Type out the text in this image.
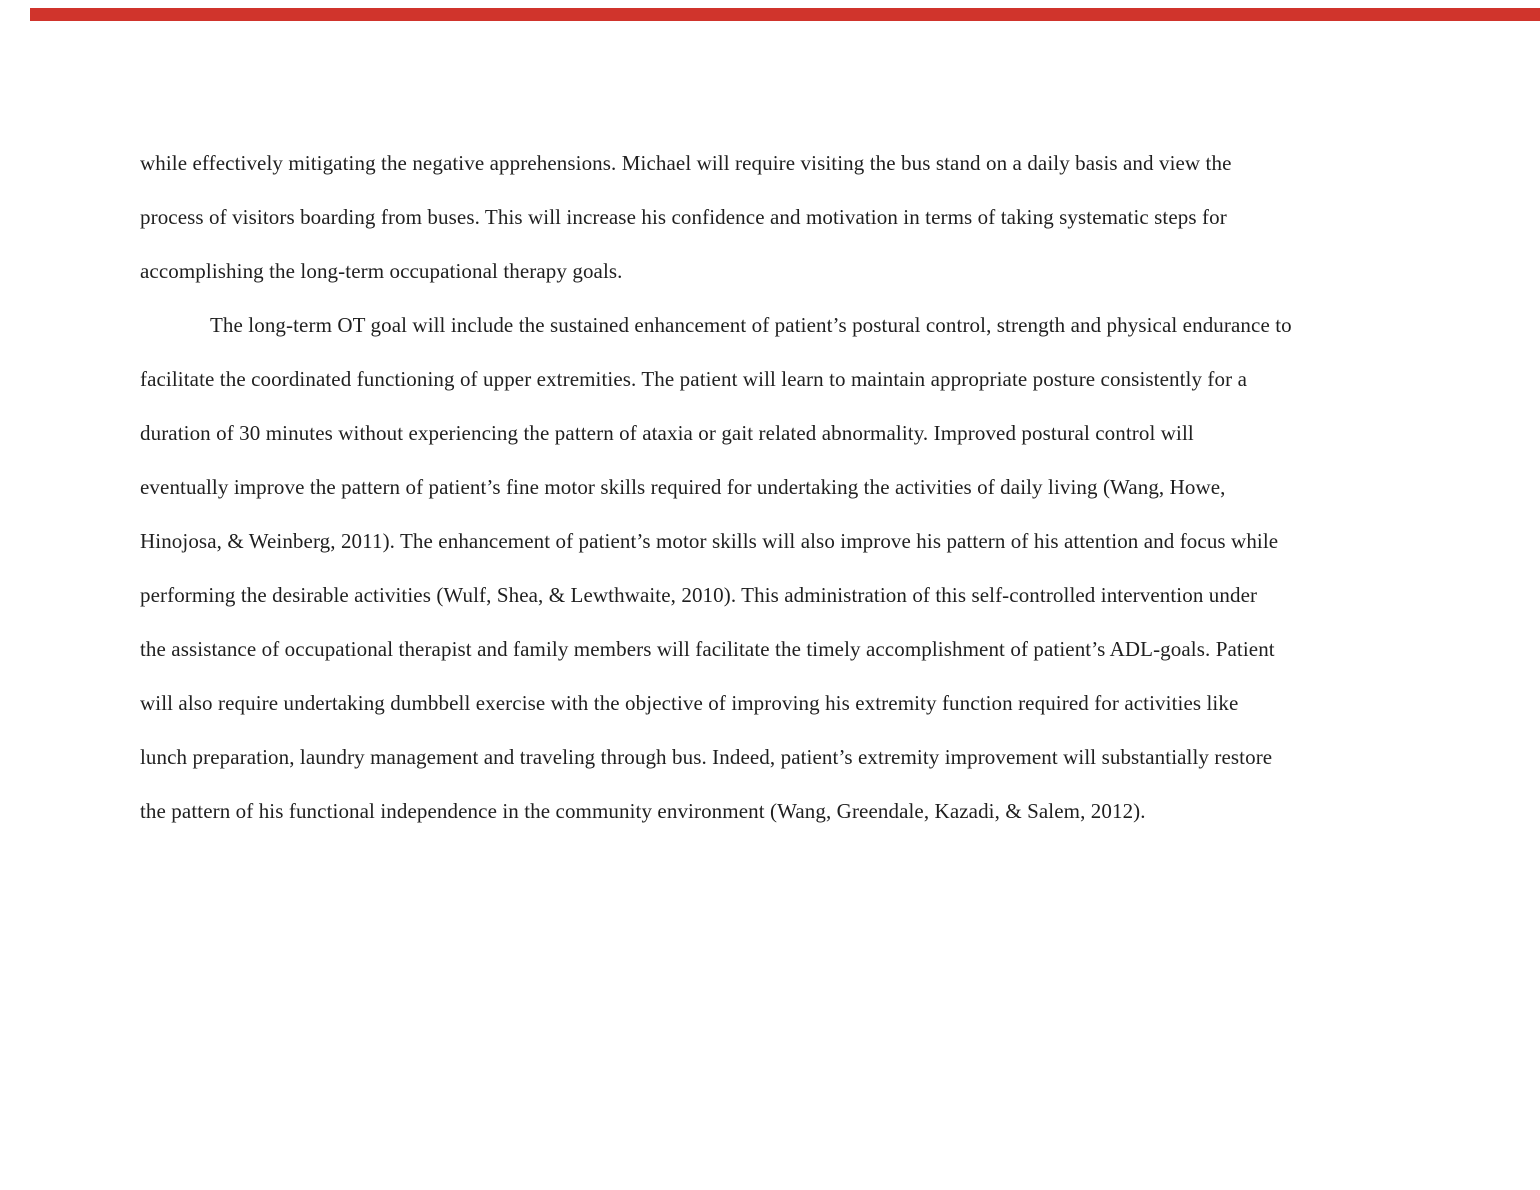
while effectively mitigating the negative apprehensions. Michael will require visiting the bus stand on a daily basis and view the
process of visitors boarding from buses. This will increase his confidence and motivation in terms of taking systematic steps for
accomplishing the long-term occupational therapy goals.
The long-term OT goal will include the sustained enhancement of patient’s postural control, strength and physical endurance to
facilitate the coordinated functioning of upper extremities. The patient will learn to maintain appropriate posture consistently for a
duration of 30 minutes without experiencing the pattern of ataxia or gait related abnormality. Improved postural control will
eventually improve the pattern of patient’s fine motor skills required for undertaking the activities of daily living (Wang, Howe,
Hinojosa, & Weinberg, 2011). The enhancement of patient’s motor skills will also improve his pattern of his attention and focus while
performing the desirable activities (Wulf, Shea, & Lewthwaite, 2010). This administration of this self-controlled intervention under
the assistance of occupational therapist and family members will facilitate the timely accomplishment of patient’s ADL-goals. Patient
will also require undertaking dumbbell exercise with the objective of improving his extremity function required for activities like
lunch preparation, laundry management and traveling through bus. Indeed, patient’s extremity improvement will substantially restore
the pattern of his functional independence in the community environment (Wang, Greendale, Kazadi, & Salem, 2012).
